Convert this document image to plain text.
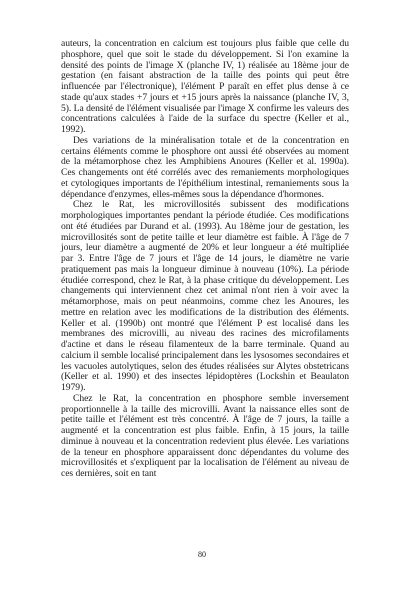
auteurs, la concentration en calcium est toujours plus faible que celle du phosphore, quel que soit le stade du développement. Si l'on examine la densité des points de l'image X (planche IV, 1) réalisée au 18ème jour de gestation (en faisant abstraction de la taille des points qui peut être influencée par l'électronique), l'élément P paraît en effet plus dense à ce stade qu'aux stades +7 jours et +15 jours après la naissance (planche IV, 3, 5). La densité de l'élément visualisée par l'image X confirme les valeurs des concentrations calculées à l'aide de la surface du spectre (Keller et al., 1992).

Des variations de la minéralisation totale et de la concentration en certains éléments comme le phosphore ont aussi été observées au moment de la métamorphose chez les Amphibiens Anoures (Keller et al. 1990a). Ces changements ont été corrélés avec des remaniements morphologiques et cytologiques importants de l'épithélium intestinal, remaniements sous la dépendance d'enzymes, elles-mêmes sous la dépendance d'hormones.

Chez le Rat, les microvillosités subissent des modifications morphologiques importantes pendant la période étudiée. Ces modifications ont été étudiées par Durand et al. (1993). Au 18ème jour de gestation, les microvillosités sont de petite taille et leur diamètre est faible. À l'âge de 7 jours, leur diamètre a augmenté de 20% et leur longueur a été multipliée par 3. Entre l'âge de 7 jours et l'âge de 14 jours, le diamètre ne varie pratiquement pas mais la longueur diminue à nouveau (10%). La période étudiée correspond, chez le Rat, à la phase critique du développement. Les changements qui interviennent chez cet animal n'ont rien à voir avec la métamorphose, mais on peut néanmoins, comme chez les Anoures, les mettre en relation avec les modifications de la distribution des éléments. Keller et al. (1990b) ont montré que l'élément P est localisé dans les membranes des microvilli, au niveau des racines des microfilaments d'actine et dans le réseau filamenteux de la barre terminale. Quand au calcium il semble localisé principalement dans les lysosomes secondaires et les vacuoles autolytiques, selon des études réalisées sur Alytes obstetricans (Keller et al. 1990) et des insectes lépidoptères (Lockshin et Beaulaton 1979).

Chez le Rat, la concentration en phosphore semble inversement proportionnelle à la taille des microvilli. Avant la naissance elles sont de petite taille et l'élément est très concentré. À l'âge de 7 jours, la taille a augmenté et la concentration est plus faible. Enfin, à 15 jours, la taille diminue à nouveau et la concentration redevient plus élevée. Les variations de la teneur en phosphore apparaissent donc dépendantes du volume des microvillosités et s'expliquent par la localisation de l'élément au niveau de ces dernières, soit en tant

80
